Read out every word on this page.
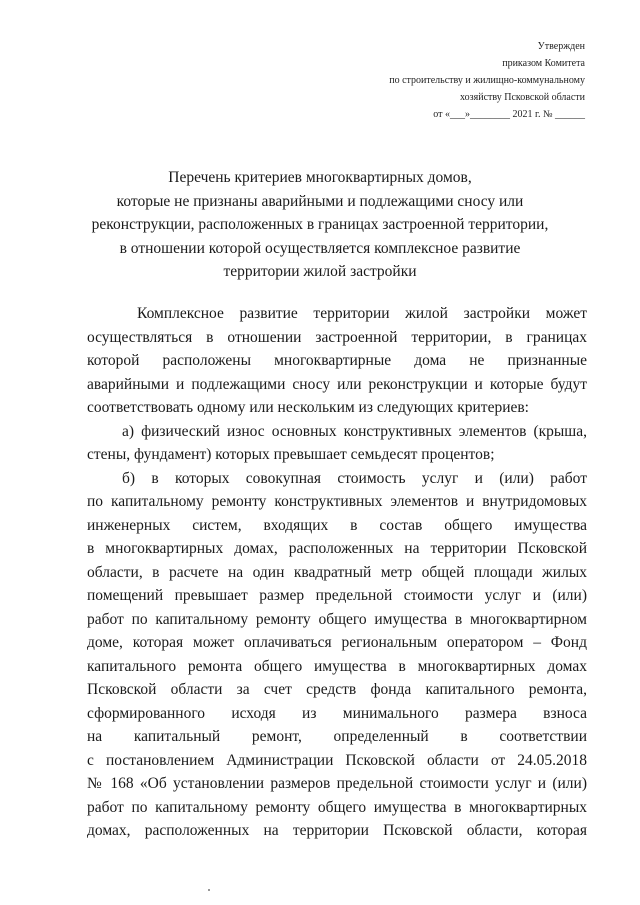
Утвержден
приказом Комитета
по строительству и жилищно-коммунальному
хозяйству Псковской области
от «___»________ 2021 г. № ______
Перечень критериев многоквартирных домов,
которые не признаны аварийными и подлежащими сносу или
реконструкции, расположенных в границах застроенной территории,
в отношении которой осуществляется комплексное развитие
территории жилой застройки
Комплексное развитие территории жилой застройки может
осуществляться в отношении застроенной территории, в границах
которой расположены многоквартирные дома не признанные
аварийными и подлежащими сносу или реконструкции и которые будут
соответствовать одному или нескольким из следующих критериев:
а) физический износ основных конструктивных элементов (крыша,
стены, фундамент) которых превышает семьдесят процентов;
б) в которых совокупная стоимость услуг и (или) работ
по капитальному ремонту конструктивных элементов и внутридомовых
инженерных систем, входящих в состав общего имущества
в многоквартирных домах, расположенных на территории Псковской
области, в расчете на один квадратный метр общей площади жилых
помещений превышает размер предельной стоимости услуг и (или)
работ по капитальному ремонту общего имущества в многоквартирном
доме, которая может оплачиваться региональным оператором – Фонд
капитального ремонта общего имущества в многоквартирных домах
Псковской области за счет средств фонда капитального ремонта,
сформированного исходя из минимального размера взноса
на капитальный ремонт, определенный в соответствии
с постановлением Администрации Псковской области от 24.05.2018
№ 168 «Об установлении размеров предельной стоимости услуг и (или)
работ по капитальному ремонту общего имущества в многоквартирных
домах, расположенных на территории Псковской области, которая
